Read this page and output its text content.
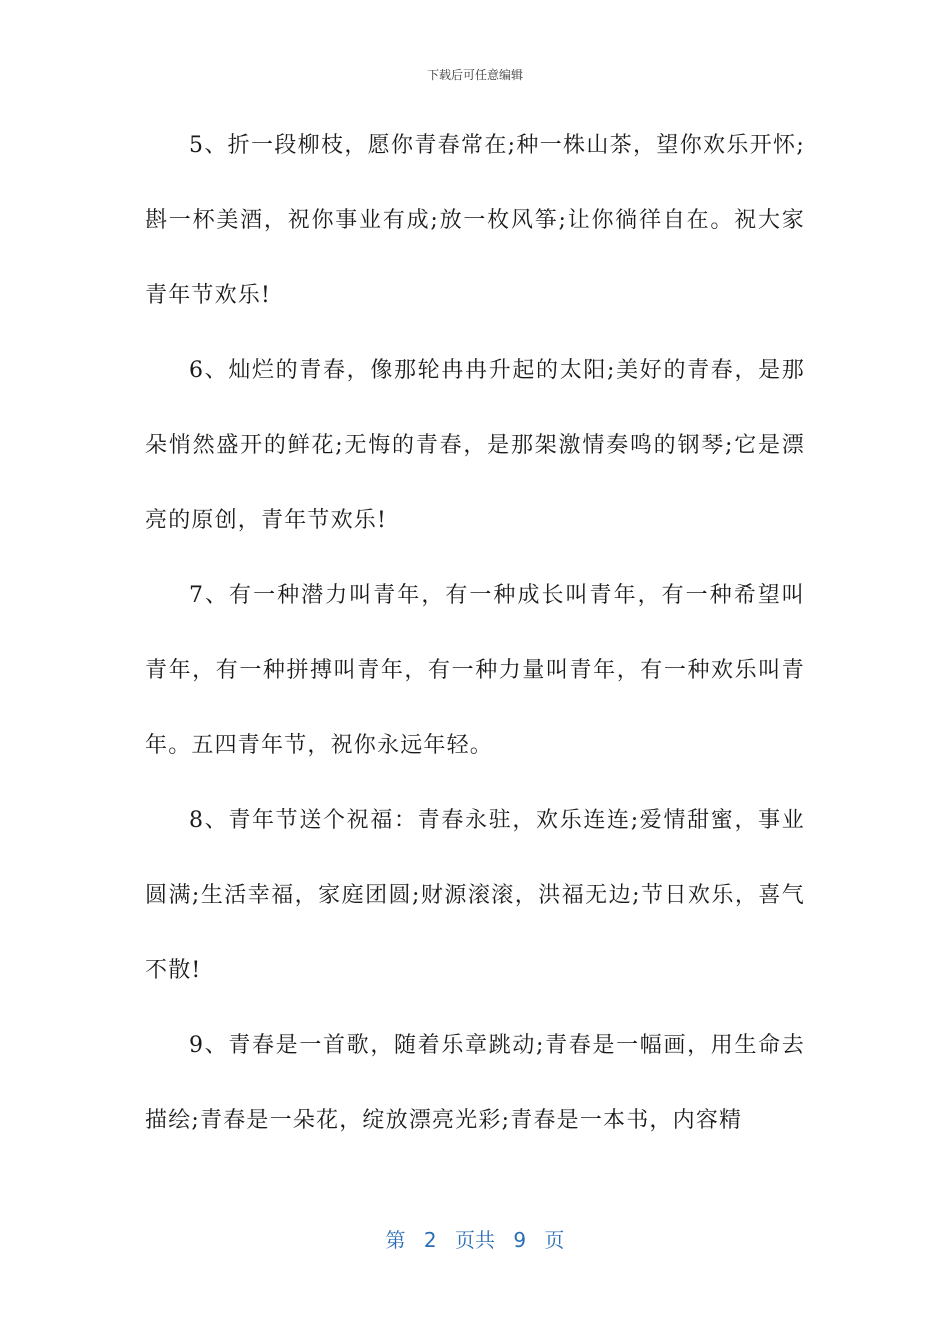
下载后可任意编辑

5、折一段柳枝，愿你青春常在;种一株山茶，望你欢乐开怀;斟一杯美酒，祝你事业有成;放一枚风筝;让你徜徉自在。祝大家青年节欢乐!

6、灿烂的青春，像那轮冉冉升起的太阳;美好的青春，是那朵悄然盛开的鲜花;无悔的青春，是那架激情奏鸣的钢琴;它是漂亮的原创，青年节欢乐!

7、有一种潜力叫青年，有一种成长叫青年，有一种希望叫青年，有一种拼搏叫青年，有一种力量叫青年，有一种欢乐叫青年。五四青年节，祝你永远年轻。

8、青年节送个祝福：青春永驻，欢乐连连;爱情甜蜜，事业圆满;生活幸福，家庭团圆;财源滚滚，洪福无边;节日欢乐，喜气不散!

9、青春是一首歌，随着乐章跳动;青春是一幅画，用生命去描绘;青春是一朵花，绽放漂亮光彩;青春是一本书，内容精

第 2 页共 9 页
